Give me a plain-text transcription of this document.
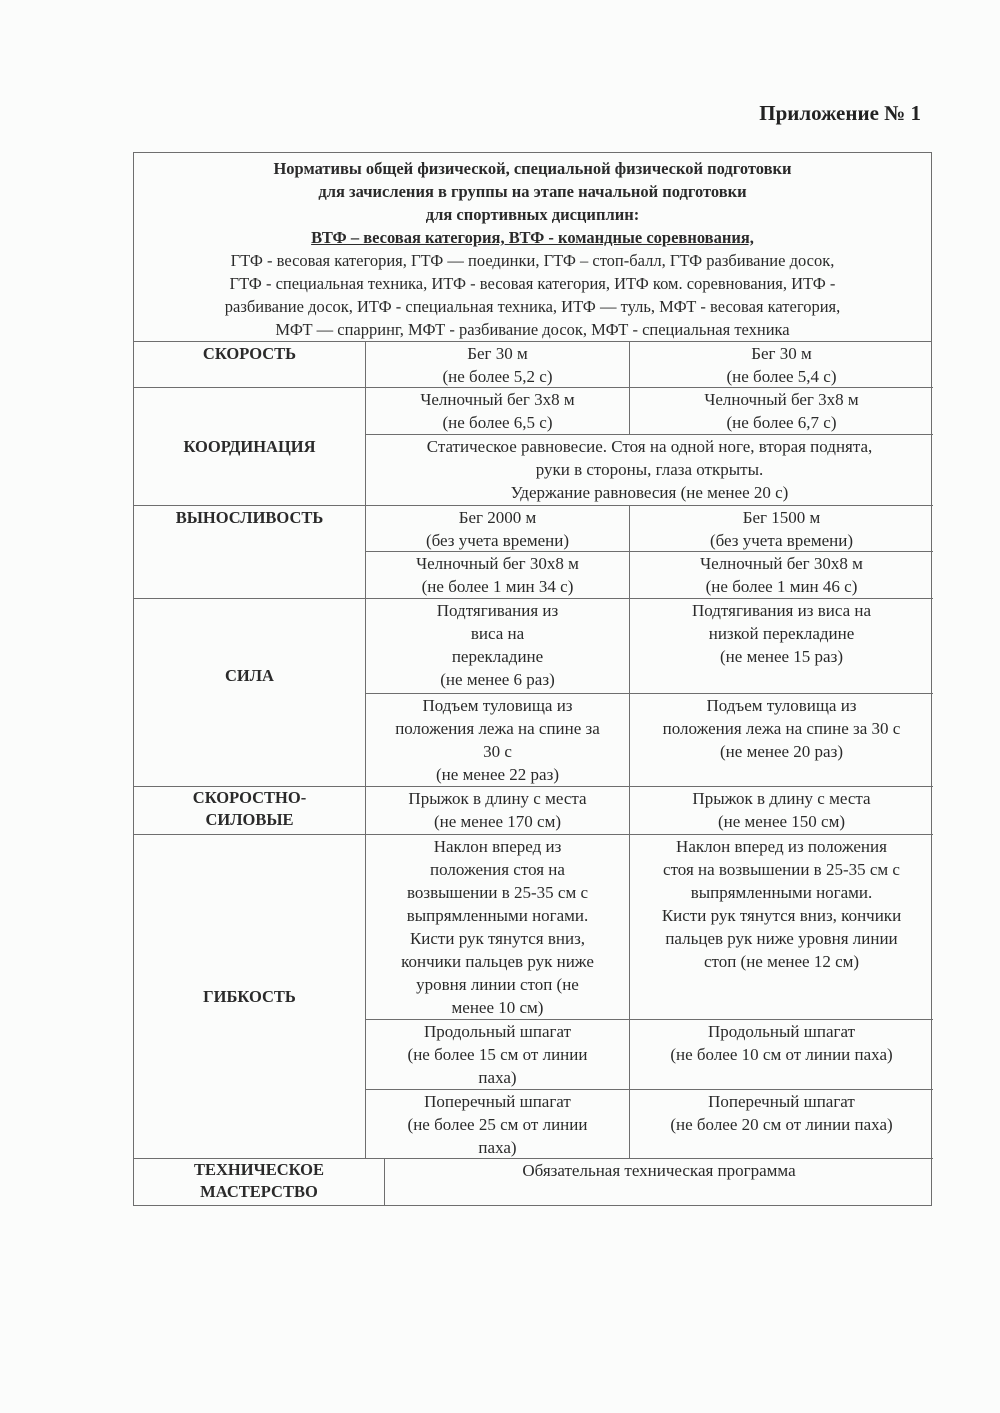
Приложение № 1
Нормативы общей физической, специальной физической подготовки
для зачисления в группы на этапе начальной подготовки
для спортивных дисциплин:
ВТФ – весовая категория, ВТФ - командные соревнования,
ГТФ - весовая категория, ГТФ — поединки, ГТФ – стоп-балл, ГТФ разбивание досок,
ГТФ - специальная техника, ИТФ - весовая категория, ИТФ ком. соревнования, ИТФ -
разбивание досок, ИТФ - специальная техника, ИТФ — туль, МФТ - весовая категория,
МФТ — спарринг, МФТ - разбивание досок, МФТ - специальная техника
СКОРОСТЬ	Бег 30 м
(не более 5,2 с)
Бег 30 м
(не более 5,4 с)
КООРДИНАЦИЯ
Челночный бег 3х8 м
(не более 6,5 с)
Челночный бег 3х8 м
(не более 6,7 с)
Статическое равновесие. Стоя на одной ноге, вторая поднята,
руки в стороны, глаза открыты.
Удержание равновесия (не менее 20 с)
ВЫНОСЛИВОСТЬ	Бег 2000 м
(без учета времени)
Бег 1500 м
(без учета времени)
Челночный бег 30х8 м
(не более 1 мин 34 с)
Челночный бег 30х8 м
(не более 1 мин 46 с)
СИЛА
Подтягивания из
виса на
перекладине
(не менее 6 раз)
Подтягивания из виса на
низкой перекладине
(не менее 15 раз)
Подъем туловища из
положения лежа на спине за
30 с
(не менее 22 раз)
Подъем туловища из
положения лежа на спине за 30 с
(не менее 20 раз)
СКОРОСТНО-
СИЛОВЫЕ
Прыжок в длину с места
(не менее 170 см)
Прыжок в длину с места
(не менее 150 см)
ГИБКОСТЬ
Наклон вперед из
положения стоя на
возвышении в 25-35 см с
выпрямленными ногами.
Кисти рук тянутся вниз,
кончики пальцев рук ниже
уровня линии стоп (не
менее 10 см)
Наклон вперед из положения
стоя на возвышении в 25-35 см с
выпрямленными ногами.
Кисти рук тянутся вниз, кончики
пальцев рук ниже уровня линии
стоп (не менее 12 см)
Продольный шпагат
(не более 15 см от линии
паха)
Продольный шпагат
(не более 10 см от линии паха)
Поперечный шпагат
(не более 25 см от линии
паха)
Поперечный шпагат
(не более 20 см от линии паха)
ТЕХНИЧЕСКОЕ
МАСТЕРСТВО
Обязательная техническая программа
